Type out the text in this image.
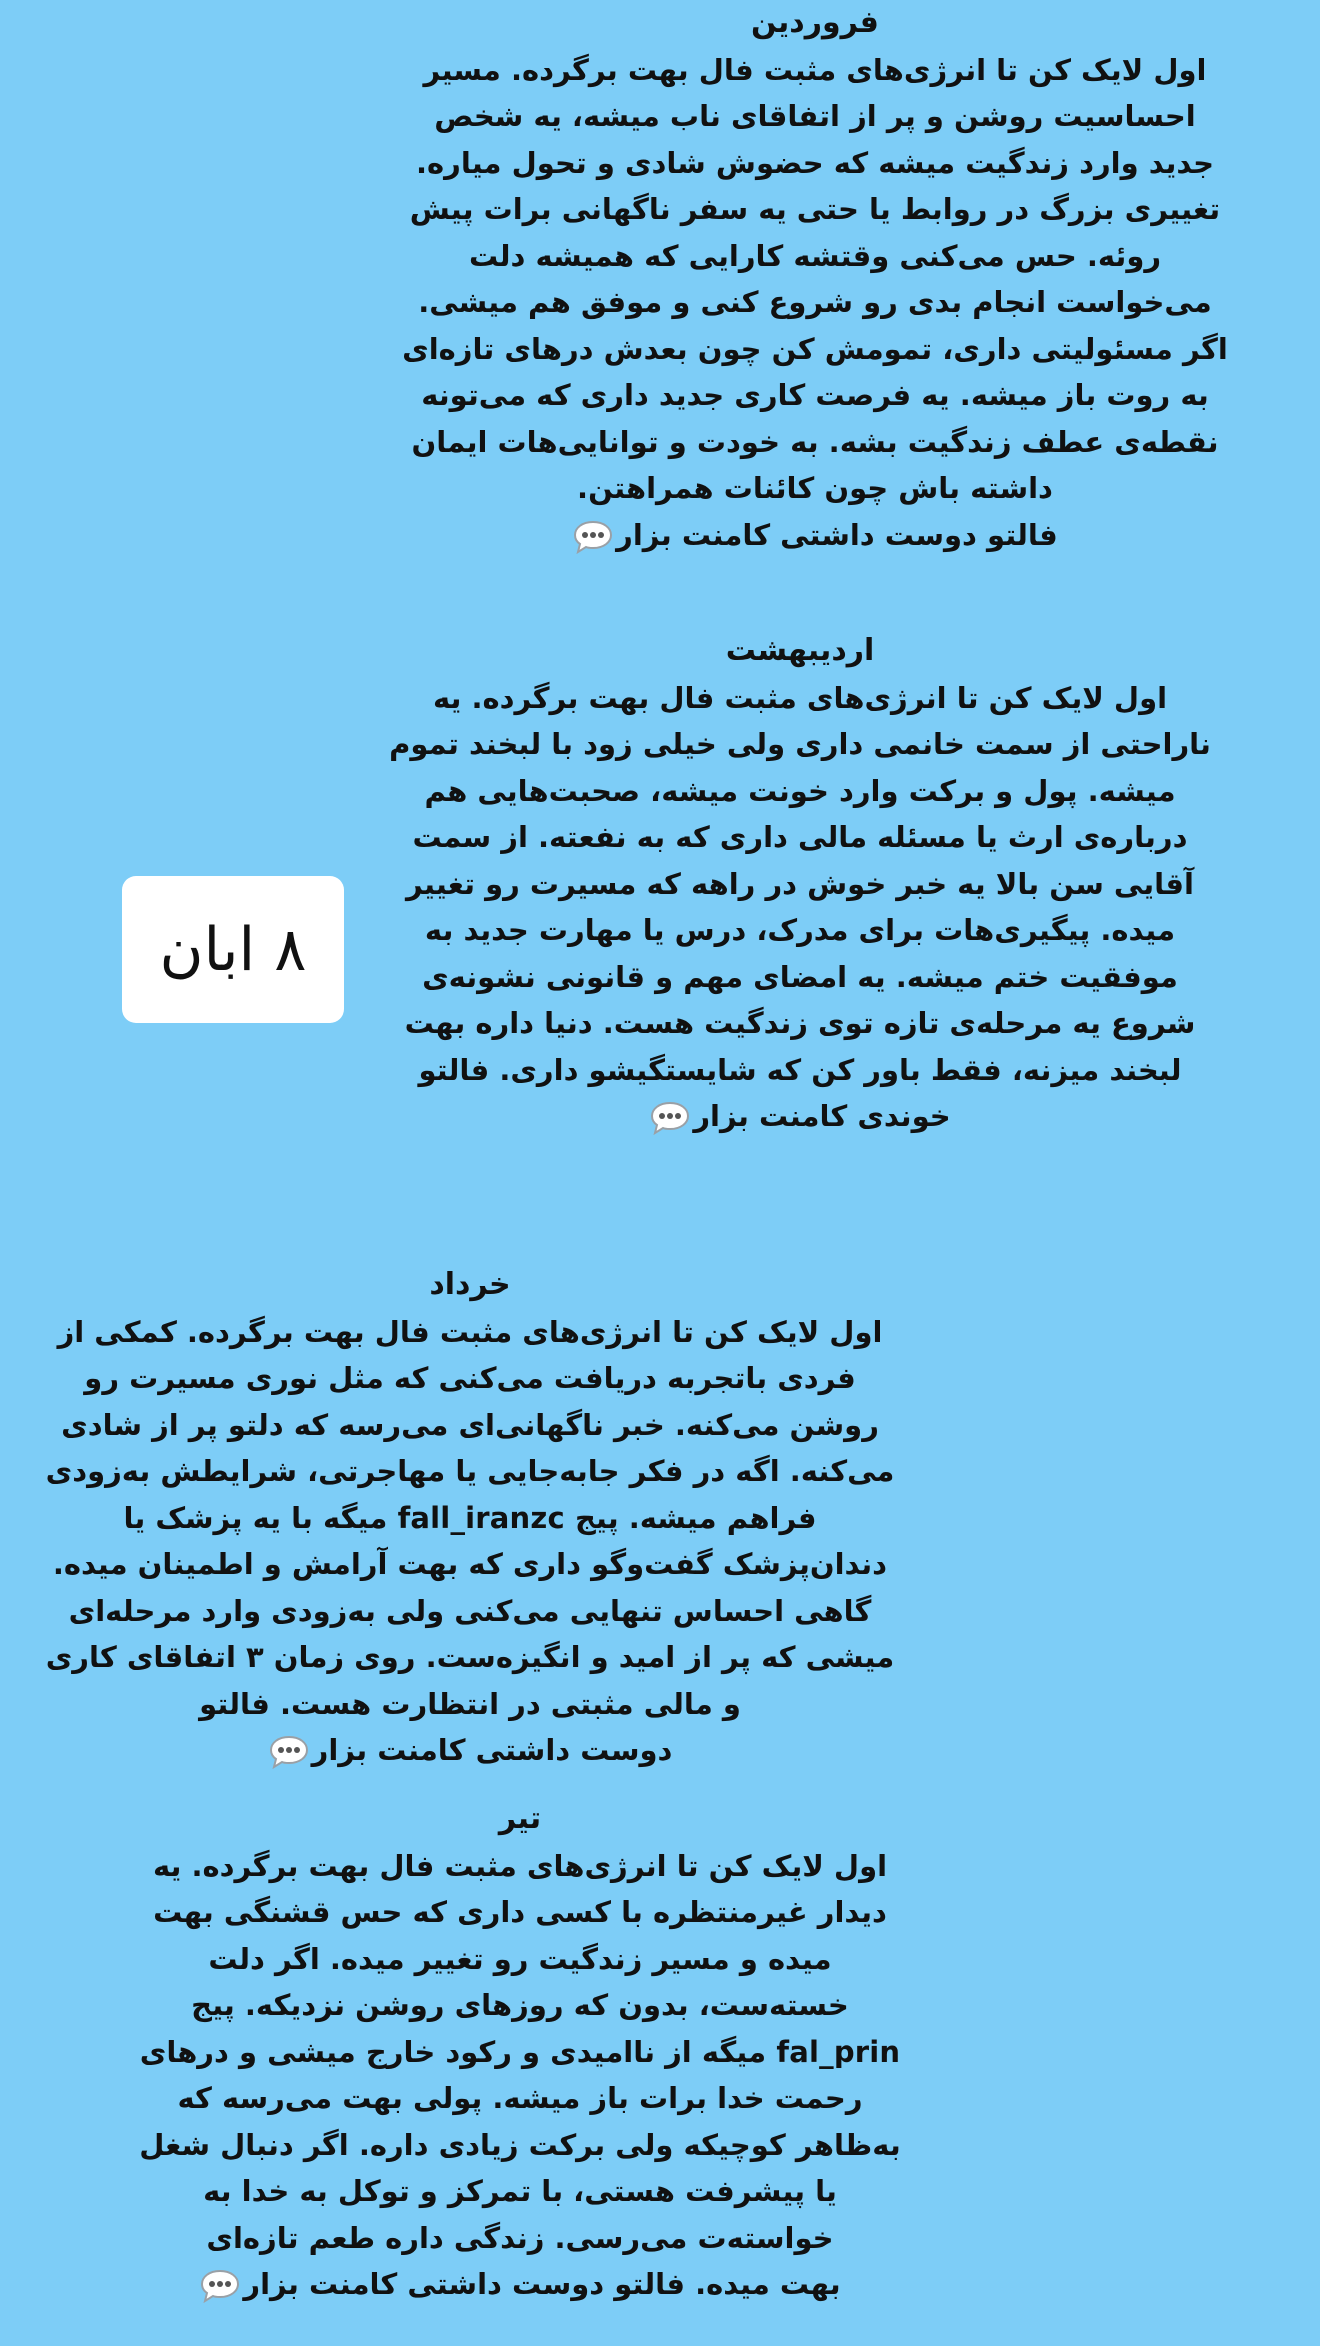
فروردین
اول لایک کن تا انرژی‌های مثبت فال بهت برگرده. مسیر احساسیت روشن و پر از اتفاقای ناب میشه، یه شخص جدید وارد زندگیت میشه که حضوش شادی و تحول میاره. تغییری بزرگ در روابط یا حتی یه سفر ناگهانی برات پیش روئه. حس می‌کنی وقتشه کارایی که همیشه دلت می‌خواست انجام بدی رو شروع کنی و موفق هم میشی. اگر مسئولیتی داری، تمومش کن چون بعدش درهای تازه‌ای به روت باز میشه. یه فرصت کاری جدید داری که می‌تونه نقطه‌ی عطف زندگیت بشه. به خودت و توانایی‌هات ایمان داشته باش چون کائنات همراهتن.
فالتو دوست داشتی کامنت بزار
اردیبهشت
اول لایک کن تا انرژی‌های مثبت فال بهت برگرده. یه ناراحتی از سمت خانمی داری ولی خیلی زود با لبخند تموم میشه. پول و برکت وارد خونت میشه، صحبت‌هایی هم درباره‌ی ارث یا مسئله مالی داری که به نفعته. از سمت آقایی سن بالا یه خبر خوش در راهه که مسیرت رو تغییر میده. پیگیری‌هات برای مدرک، درس یا مهارت جدید به موفقیت ختم میشه. یه امضای مهم و قانونی نشونه‌ی شروع یه مرحله‌ی تازه توی زندگیت هست. دنیا داره بهت لبخند میزنه، فقط باور کن که شایستگیشو داری. فالتو
خوندی کامنت بزار
۸ ابان
خرداد
اول لایک کن تا انرژی‌های مثبت فال بهت برگرده. کمکی از فردی باتجربه دریافت می‌کنی که مثل نوری مسیرت رو روشن می‌کنه. خبر ناگهانی‌ای می‌رسه که دلتو پر از شادی می‌کنه. اگه در فکر جابه‌جایی یا مهاجرتی، شرایطش به‌زودی فراهم میشه. پیج fall_iranzc میگه با یه پزشک یا دندان‌پزشک گفت‌وگو داری که بهت آرامش و اطمینان میده. گاهی احساس تنهایی می‌کنی ولی به‌زودی وارد مرحله‌ای میشی که پر از امید و انگیزه‌ست. روی زمان ۳ اتفاقای کاری و مالی مثبتی در انتظارت هست. فالتو
دوست داشتی کامنت بزار
تیر
اول لایک کن تا انرژی‌های مثبت فال بهت برگرده. یه دیدار غیرمنتظره با کسی داری که حس قشنگی بهت میده و مسیر زندگیت رو تغییر میده. اگر دلت خسته‌ست، بدون که روزهای روشن نزدیکه. پیج fal_prin میگه از ناامیدی و رکود خارج میشی و درهای رحمت خدا برات باز میشه. پولی بهت می‌رسه که به‌ظاهر کوچیکه ولی برکت زیادی داره. اگر دنبال شغل یا پیشرفت هستی، با تمرکز و توکل به خدا به خواسته‌ت می‌رسی. زندگی داره طعم تازه‌ای
بهت میده. فالتو دوست داشتی کامنت بزار
